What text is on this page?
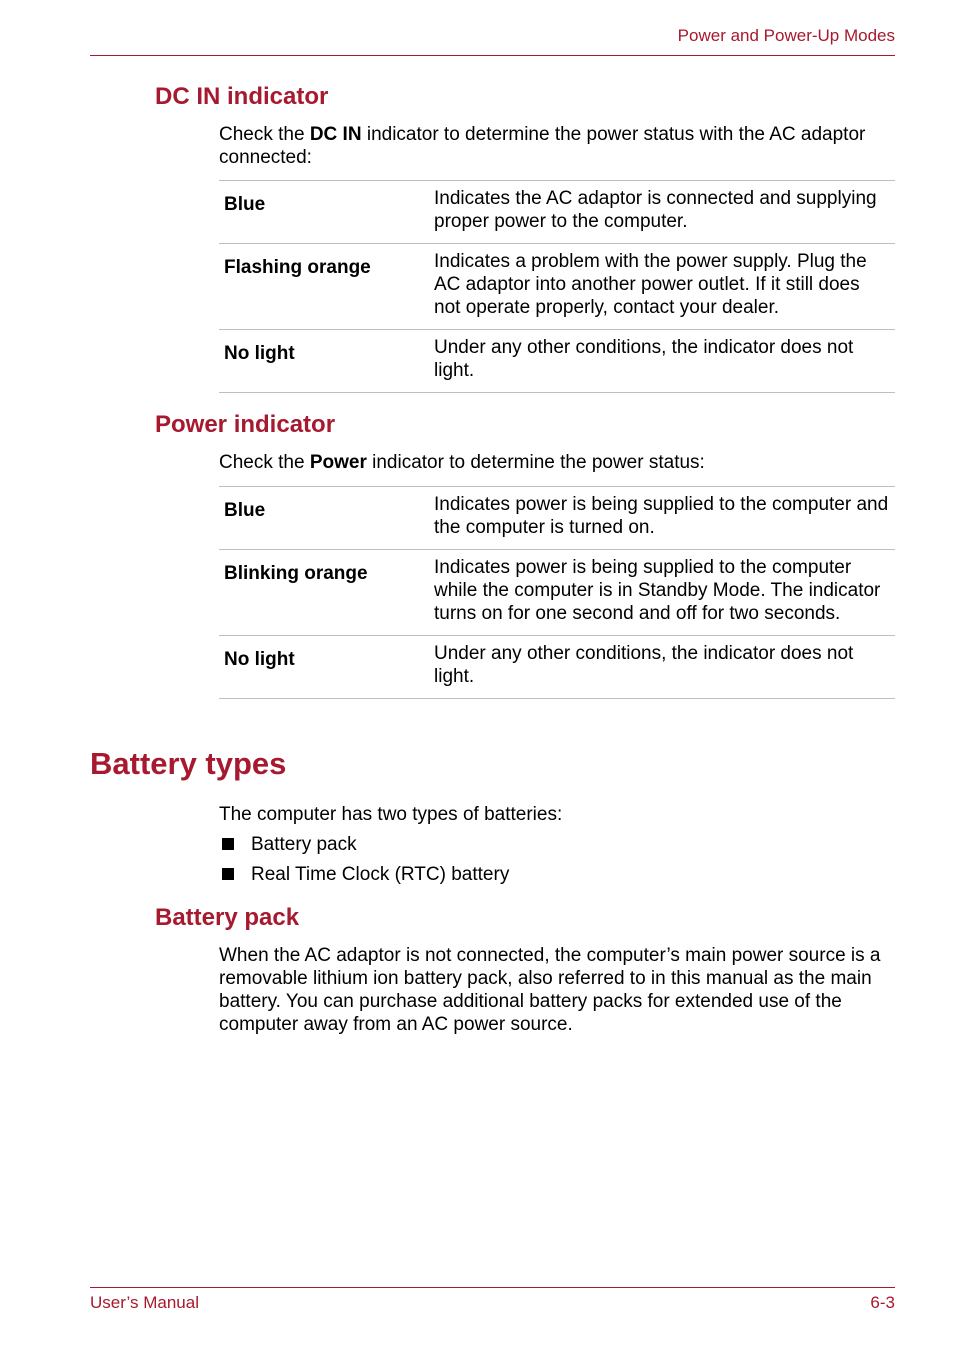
Power and Power-Up Modes
DC IN indicator

Check the DC IN indicator to determine the power status with the AC adaptor connected:

Blue	Indicates the AC adaptor is connected and supplying proper power to the computer.
Flashing orange	Indicates a problem with the power supply. Plug the AC adaptor into another power outlet. If it still does not operate properly, contact your dealer.
No light	Under any other conditions, the indicator does not light.
Power indicator

Check the Power indicator to determine the power status:

Blue	Indicates power is being supplied to the computer and the computer is turned on.
Blinking orange	Indicates power is being supplied to the computer while the computer is in Standby Mode. The indicator turns on for one second and off for two seconds.
No light	Under any other conditions, the indicator does not light.
Battery types

The computer has two types of batteries:

Battery pack
Real Time Clock (RTC) battery
Battery pack

When the AC adaptor is not connected, the computer’s main power source is a removable lithium ion battery pack, also referred to in this manual as the main battery. You can purchase additional battery packs for extended use of the computer away from an AC power source.

User’s Manual	6-3
